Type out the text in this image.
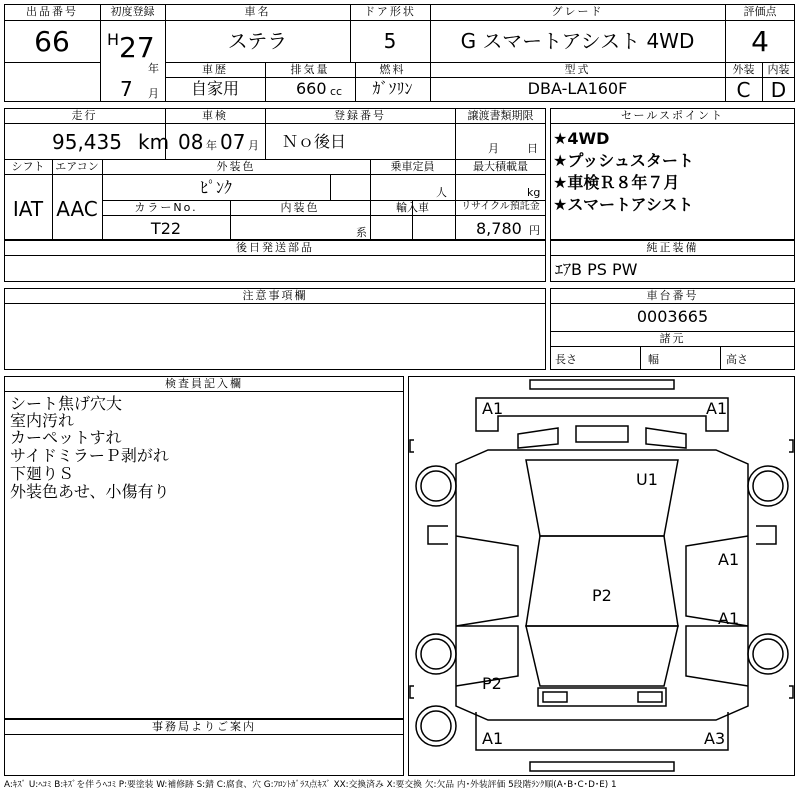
出品番号
66
初度登録
H 27
年
7 月
車名
ステラ
ドア形状
5
グレード
G スマートアシスト 4WD
評価点
4
車歴
自家用
排気量
660 cc
燃料
ｶﾞｿﾘﾝ
型式
DBA-LA160F
外装
C
内装
D
走行
95,435 km
車検
08 年 07 月
登録番号
Ｎｏ後日
譲渡書類期限
月	日
シフト
IAT
エアコン
AAC
外装色
ﾋﾟﾝｸ
乗車定員
人
最大積載量
kg
カラーNo.
T22
内装色
系
輸入車	リサイクル預託金
8,780 円
後日発送部品
セールスポイント
★4WD
★プッシュスタート
★車検Ｒ８年７月
★スマートアシスト
純正装備
ｴｱB PS PW
注意事項欄	車台番号
0003665
諸元
長さ	幅	高さ
検査員記入欄
シート焦げ穴大
室内汚れ
カーペットすれ
サイドミラーＰ剥がれ
下廻りＳ
外装色あせ、小傷有り
事務局よりご案内
A1	A1
U1
A1
A1
P2
P2
A1	A3
A:ｷｽﾞ U:ﾍｺﾐ B:ｷｽﾞを伴うﾍｺﾐ P:要塗装 W:補修跡 S:錆 C:腐食、穴 G:ﾌﾛﾝﾄｶﾞﾗｽ点ｷｽﾞ XX:交換済み X:要交換 欠:欠品 内･外装評価 5段階ﾗﾝｸ順(A･B･C･D･E) 1
